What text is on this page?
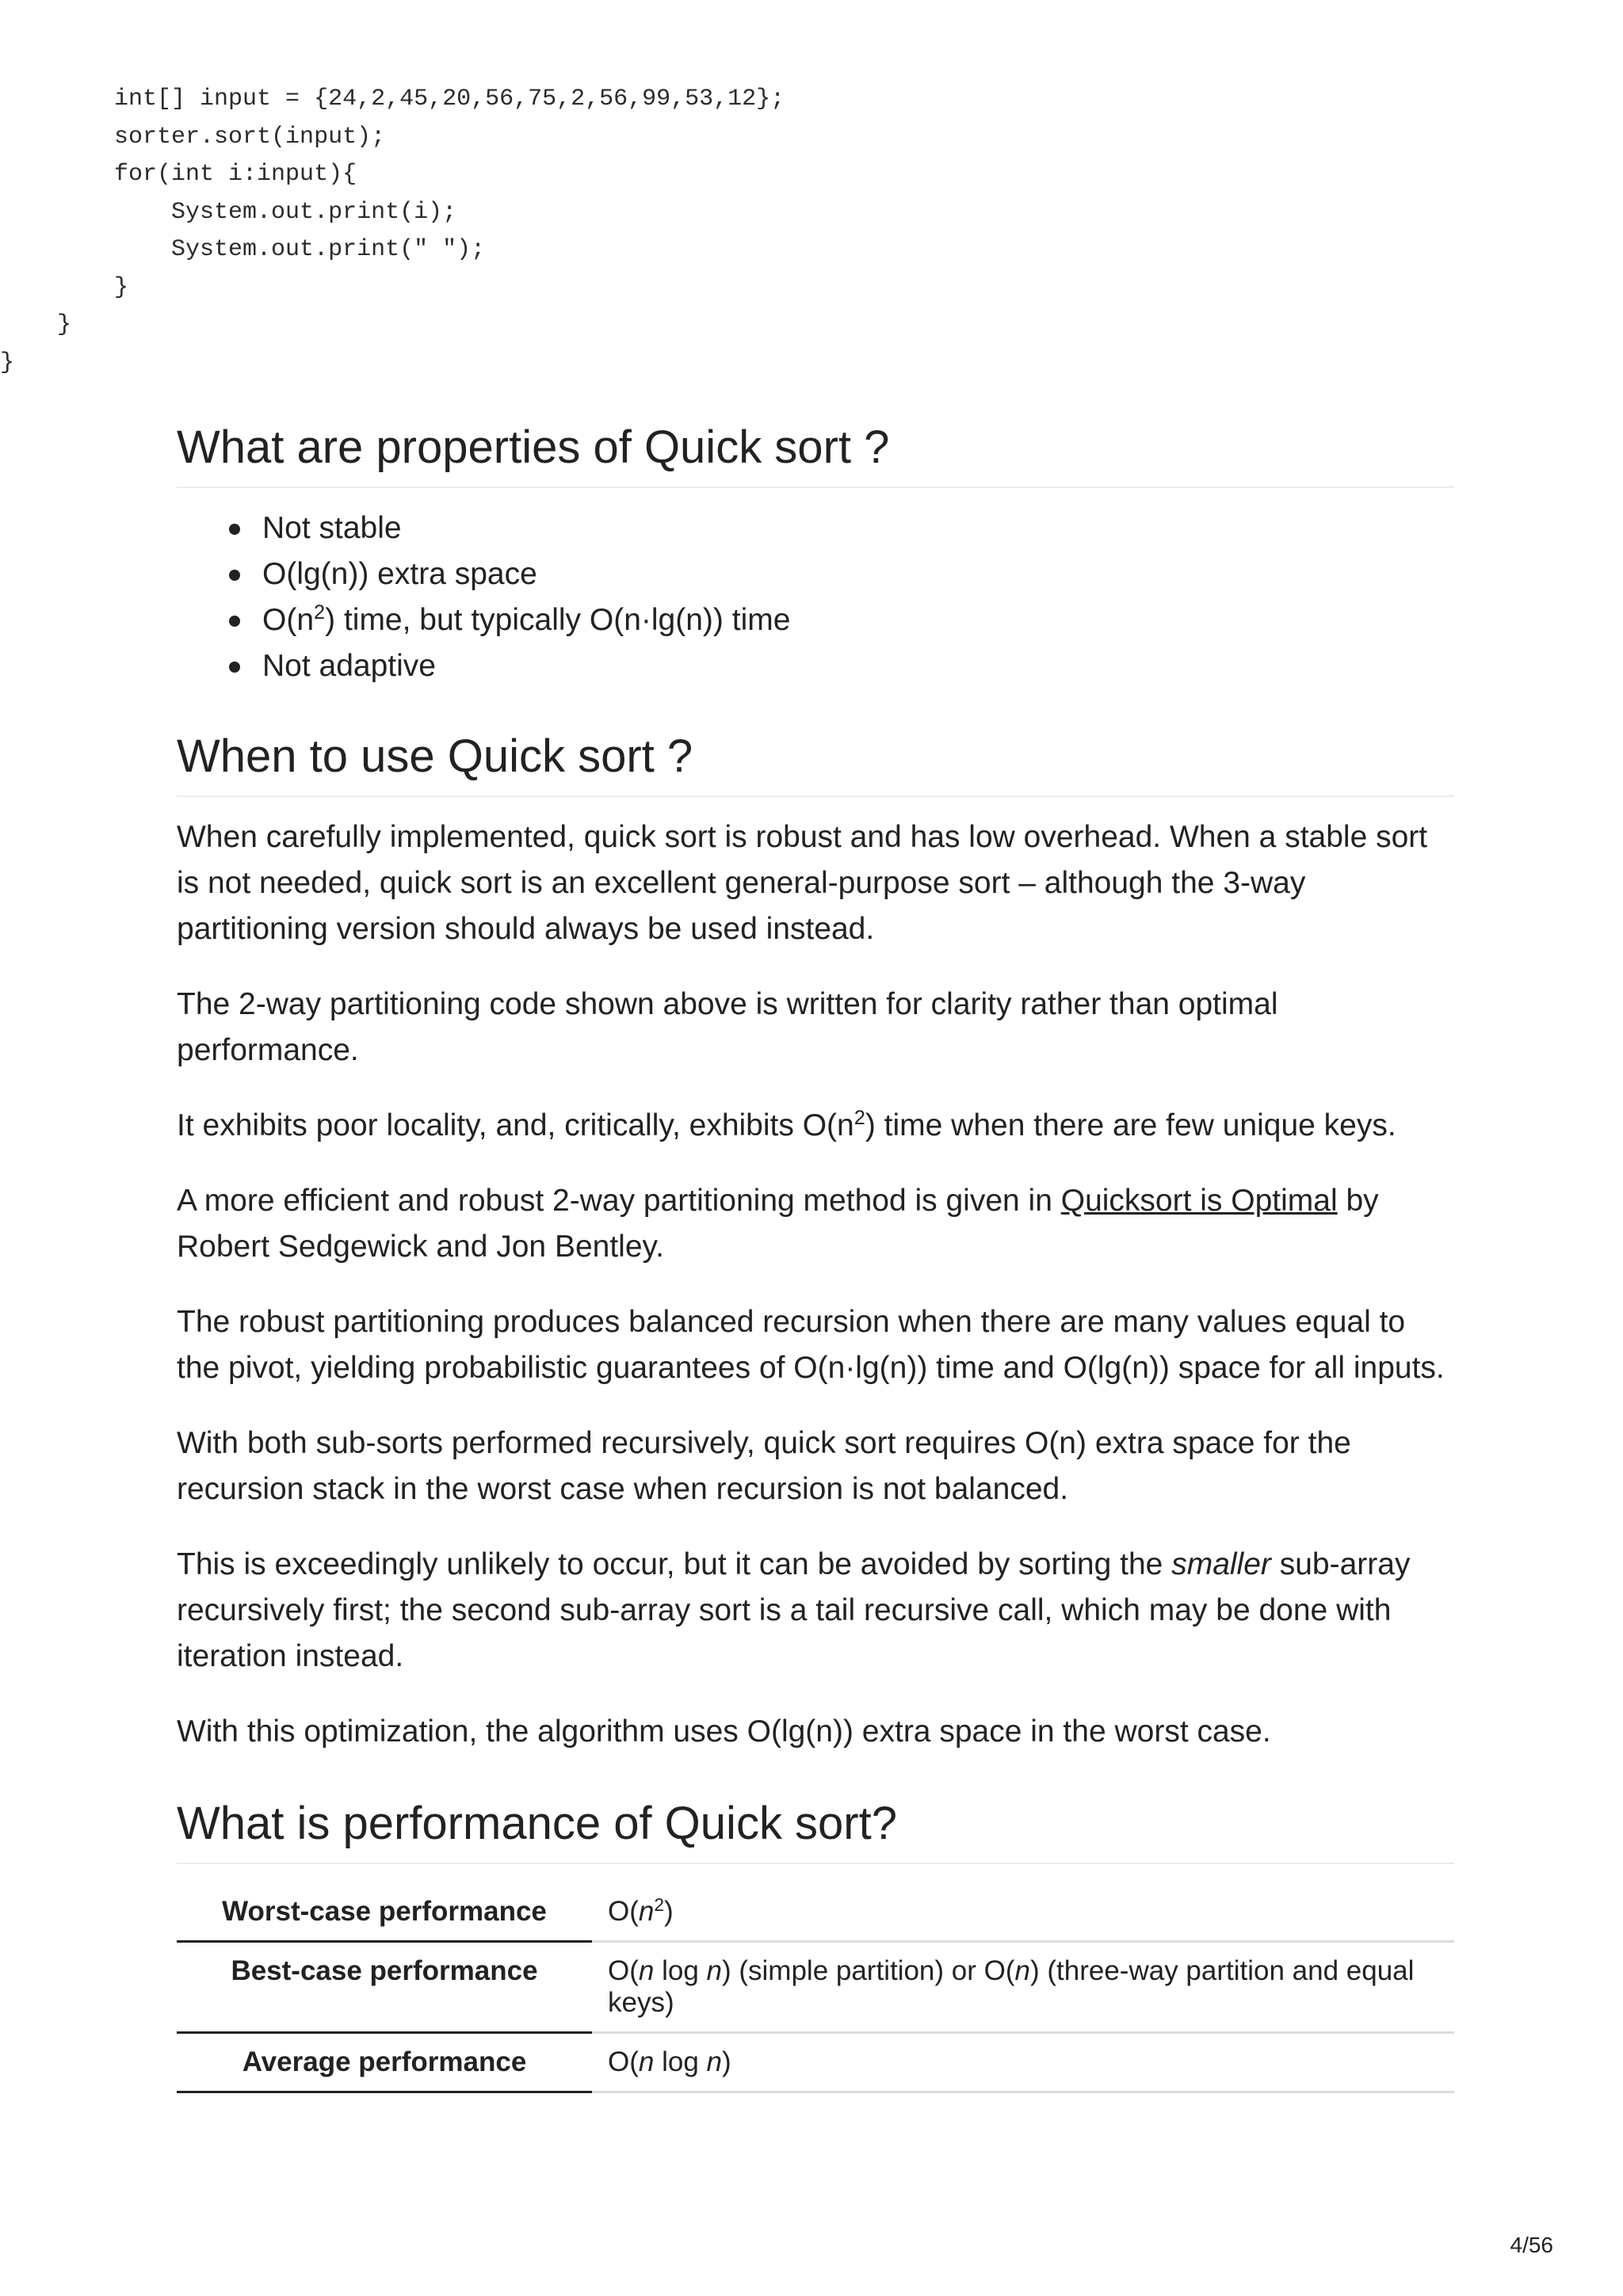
int[] input = {24,2,45,20,56,75,2,56,99,53,12};
sorter.sort(input);
for(int i:input){
System.out.print(i);
System.out.print(" ");
}
}
}
What are properties of Quick sort ?
Not stable
O(lg(n)) extra space
$O(n^2)$ time, but typically O(n·lg(n)) time
Not adaptive
When to use Quick sort ?

When carefully implemented, quick sort is robust and has low overhead. When a stable sort is not needed, quick sort is an excellent general-purpose sort – although the 3-way partitioning version should always be used instead.

The 2-way partitioning code shown above is written for clarity rather than optimal performance.

It exhibits poor locality, and, critically, exhibits $O(n^2)$ time when there are few unique keys.

A more efficient and robust 2-way partitioning method is given in Quicksort is Optimal by Robert Sedgewick and Jon Bentley.

The robust partitioning produces balanced recursion when there are many values equal to the pivot, yielding probabilistic guarantees of O(n·lg(n)) time and O(lg(n)) space for all inputs.

With both sub-sorts performed recursively, quick sort requires O(n) extra space for the recursion stack in the worst case when recursion is not balanced.

This is exceedingly unlikely to occur, but it can be avoided by sorting the smaller sub-array recursively first; the second sub-array sort is a tail recursive call, which may be done with iteration instead.

With this optimization, the algorithm uses O(lg(n)) extra space in the worst case.

What is performance of Quick sort?
Worst-case performance	$O(n^2)$
Best-case performance	O(n log n) (simple partition) or O(n) (three-way partition and equal keys)
Average performance	O(n log n)
4/56
